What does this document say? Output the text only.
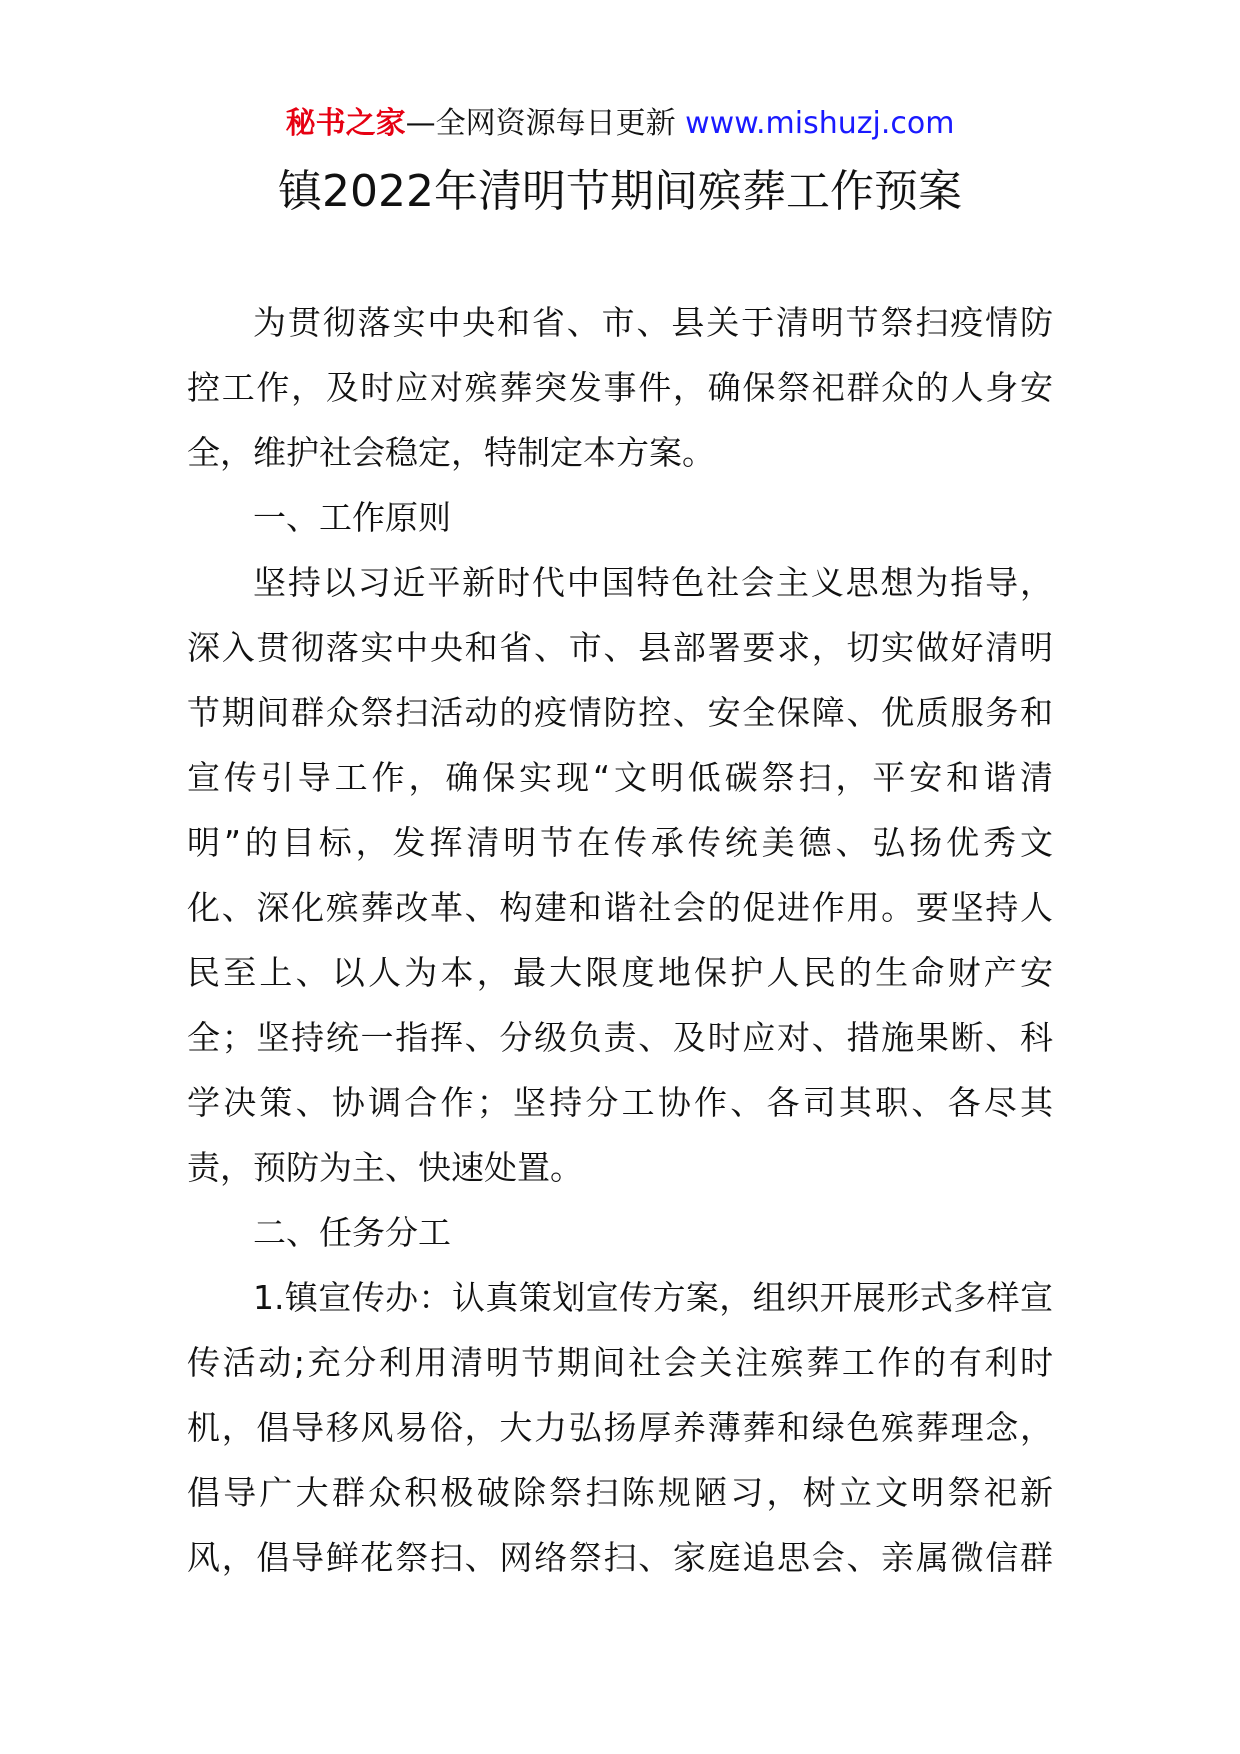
秘书之家—全网资源每日更新 www.mishuzj.com
镇2022年清明节期间殡葬工作预案
为贯彻落实中央和省、市、县关于清明节祭扫疫情防
控工作，及时应对殡葬突发事件，确保祭祀群众的人身安
全，维护社会稳定，特制定本方案。
一、工作原则
坚持以习近平新时代中国特色社会主义思想为指导，
深入贯彻落实中央和省、市、县部署要求，切实做好清明
节期间群众祭扫活动的疫情防控、安全保障、优质服务和
宣传引导工作，确保实现“文明低碳祭扫，平安和谐清
明”的目标，发挥清明节在传承传统美德、弘扬优秀文
化、深化殡葬改革、构建和谐社会的促进作用。要坚持人
民至上、以人为本，最大限度地保护人民的生命财产安
全；坚持统一指挥、分级负责、及时应对、措施果断、科
学决策、协调合作；坚持分工协作、各司其职、各尽其
责，预防为主、快速处置。
二、任务分工
1.镇宣传办：认真策划宣传方案，组织开展形式多样宣
传活动;充分利用清明节期间社会关注殡葬工作的有利时
机，倡导移风易俗，大力弘扬厚养薄葬和绿色殡葬理念，
倡导广大群众积极破除祭扫陈规陋习，树立文明祭祀新
风，倡导鲜花祭扫、网络祭扫、家庭追思会、亲属微信群
